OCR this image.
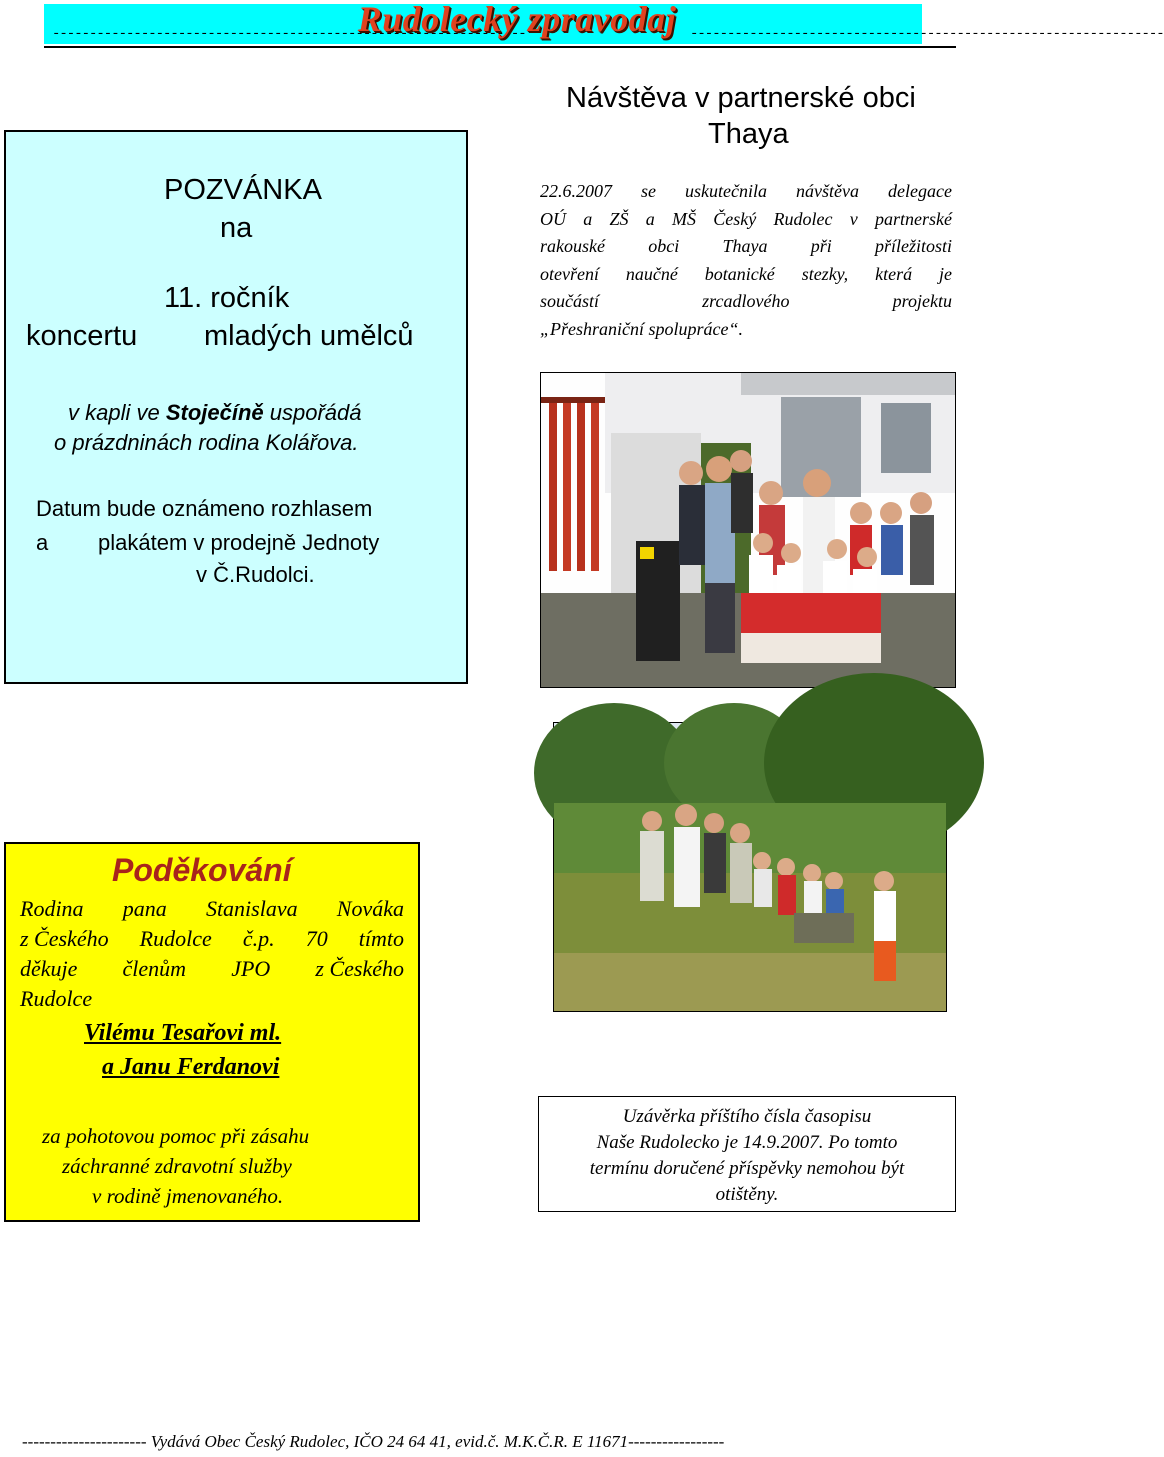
----------------------------------------------------------------	----------------------------------------------------------------
Rudolecký zpravodaj
POZVÁNKA
na
11. ročník
koncertu mladých umělců
v kapli ve Stoječíně uspořádá
o prázdninách rodina Kolářova.
Datum bude oznámeno rozhlasem
a plakátem v prodejně Jednoty
v Č.Rudolci.
Návštěva v partnerské obci
Thaya
22.6.2007 se uskutečnila návštěva delegace
OÚ a ZŠ a MŠ Český Rudolec v partnerské
rakouské obci Thaya při příležitosti
otevření naučné botanické stezky, která je
součástí zrcadlového projektu
„Přeshraniční spolupráce“.
Poděkování
Rodina pana Stanislava Nováka
z Českého Rudolce č.p. 70 tímto
děkuje členům JPO z Českého
Rudolce
Vilému Tesařovi ml.
a Janu Ferdanovi
za pohotovou pomoc při zásahu
záchranné zdravotní služby
v rodině jmenovaného.
Uzávěrka příštího čísla časopisu
Naše Rudolecko je 14.9.2007. Po tomto
termínu doručené příspěvky nemohou být
otištěny.
---------------------- Vydává Obec Český Rudolec, IČO 24 64 41, evid.č. M.K.Č.R. E 11671-----------------
